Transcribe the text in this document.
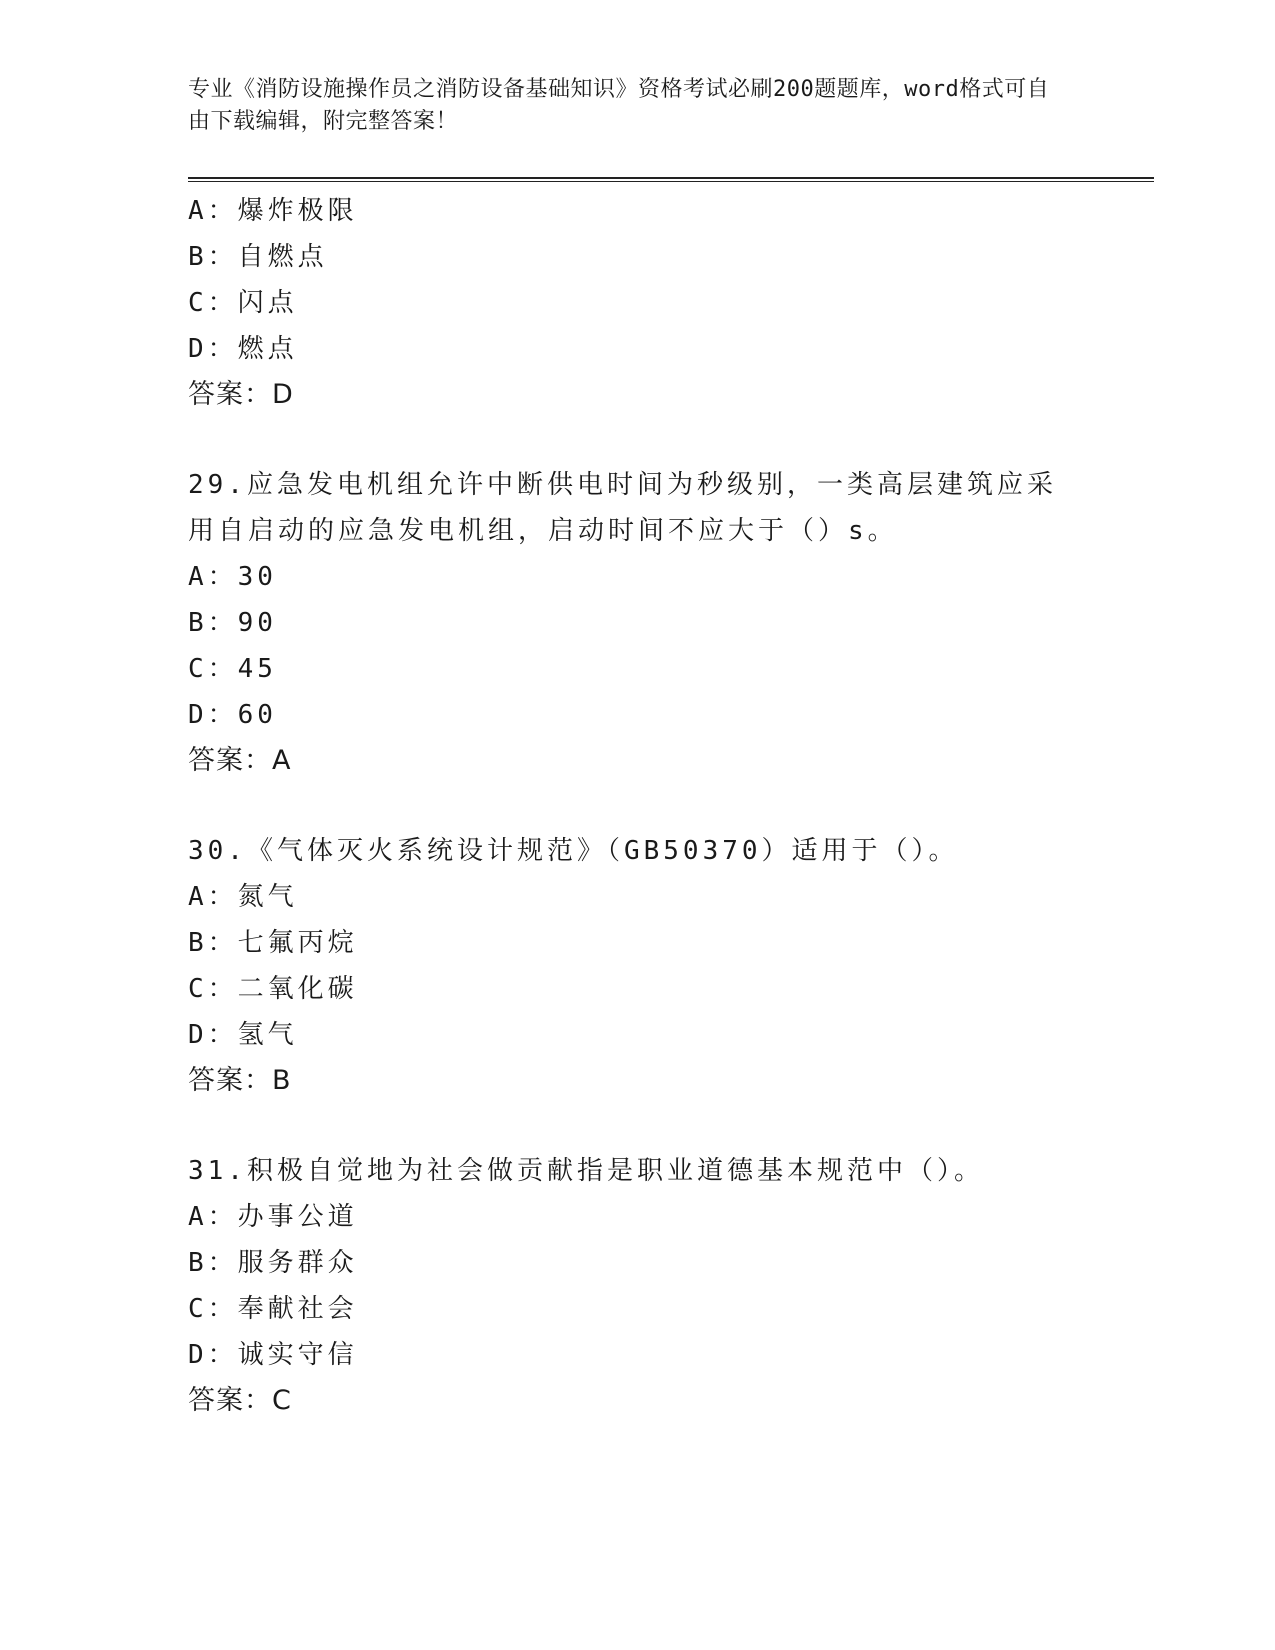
专业《消防设施操作员之消防设备基础知识》资格考试必刷200题题库，word格式可自由下载编辑，附完整答案！
A：爆炸极限
B：自燃点
C：闪点
D：燃点
答案：D
29.应急发电机组允许中断供电时间为秒级别，一类高层建筑应采用自启动的应急发电机组，启动时间不应大于（）s。
A：30
B：90
C：45
D：60
答案：A
30.《气体灭火系统设计规范》（GB50370）适用于（）。
A：氮气
B：七氟丙烷
C：二氧化碳
D：氢气
答案：B
31.积极自觉地为社会做贡献指是职业道德基本规范中（）。
A：办事公道
B：服务群众
C：奉献社会
D：诚实守信
答案：C
